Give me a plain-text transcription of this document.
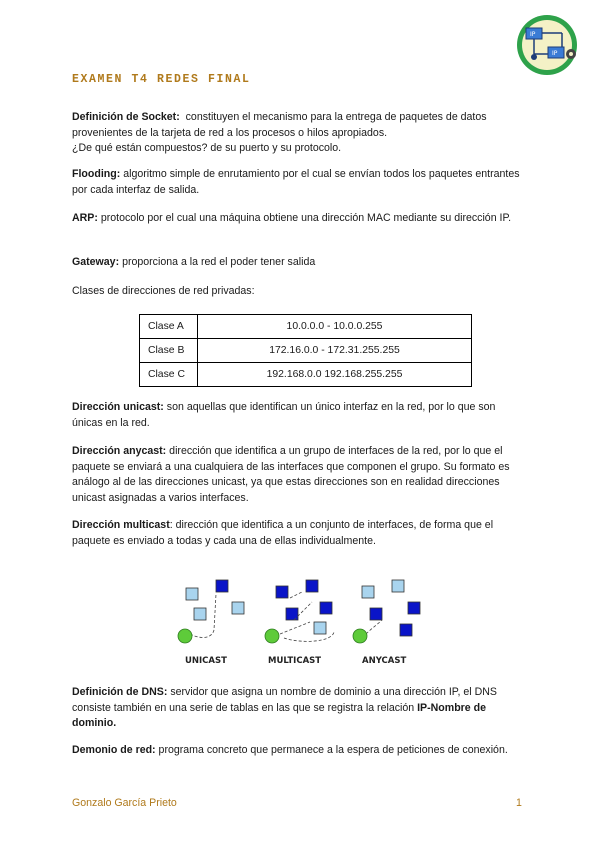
IP
IP
EXAMEN T4 REDES FINAL

Definición de Socket: constituyen el mecanismo para la entrega de paquetes de datos provenientes de la tarjeta de red a los procesos o hilos apropiados.
¿De qué están compuestos? de su puerto y su protocolo.

Flooding: algoritmo simple de enrutamiento por el cual se envían todos los paquetes entrantes por cada interfaz de salida.

ARP: protocolo por el cual una máquina obtiene una dirección MAC mediante su dirección IP.

Gateway: proporciona a la red el poder tener salida

Clases de direcciones de red privadas:

Clase A	10.0.0.0 - 10.0.0.255
Clase B	172.16.0.0 - 172.31.255.255
Clase C	192.168.0.0 192.168.255.255

Dirección unicast: son aquellas que identifican un único interfaz en la red, por lo que son únicas en la red.

Dirección anycast: dirección que identifica a un grupo de interfaces de la red, por lo que el paquete se enviará a una cualquiera de las interfaces que componen el grupo. Su formato es análogo al de las direcciones unicast, ya que estas direcciones son en realidad direcciones unicast asignadas a varios interfaces.

Dirección multicast: dirección que identifica a un conjunto de interfaces, de forma que el paquete es enviado a todas y cada una de ellas individualmente.

UNICAST	MULTICAST	ANYCAST

Definición de DNS: servidor que asigna un nombre de dominio a una dirección IP, el DNS consiste también en una serie de tablas en las que se registra la relación IP-Nombre de dominio.

Demonio de red: programa concreto que permanece a la espera de peticiones de conexión.

Gonzalo García Prieto	1
